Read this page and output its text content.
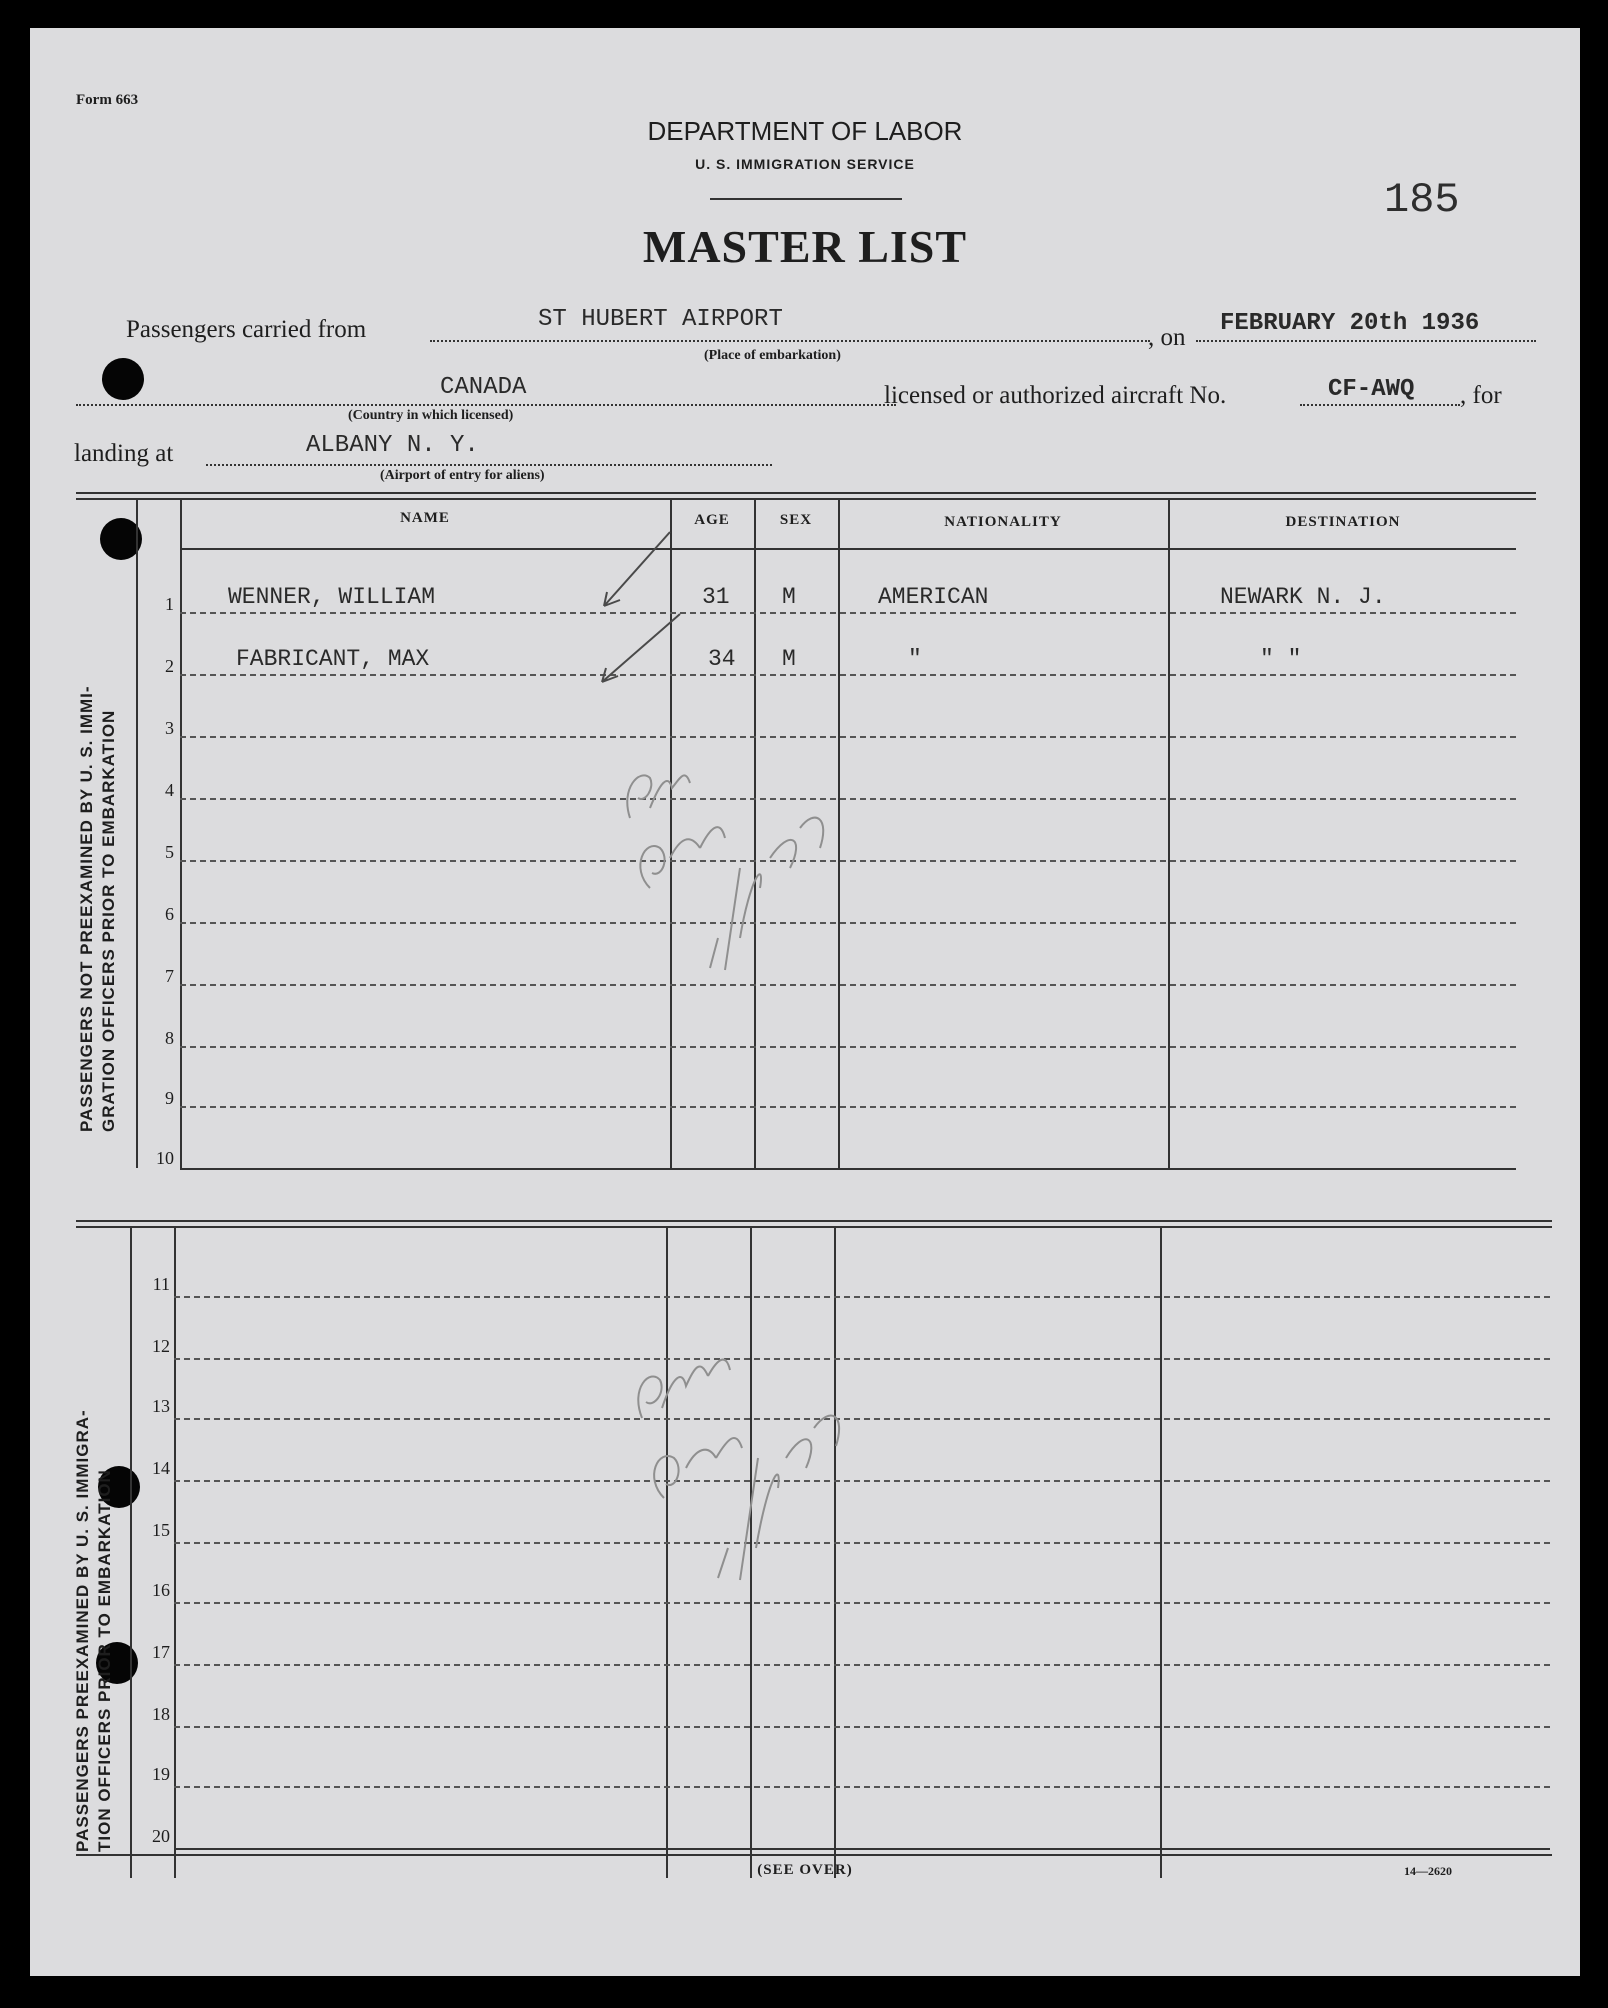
Form 663
DEPARTMENT OF LABOR
U. S. IMMIGRATION SERVICE
185
MASTER LIST
Passengers carried from	ST HUBERT AIRPORT
(Place of embarkation)
, on
FEBRUARY 20th 1936
CANADA
(Country in which licensed)
licensed or authorized aircraft No.	CF-AWQ , for
landing at	ALBANY N. Y.
(Airport of entry for aliens)
NAME	AGE	SEX	NATIONALITY	DESTINATION
PASSENGERS NOT PREEXAMINED BY U. S. IMMI- GRATION OFFICERS PRIOR TO EMBARKATION
1
2
3
4
5
6
7
8
9
10
WENNER, WILLIAM	31 M	AMERICAN	NEWARK N. J.
FABRICANT, MAX	34 M	"	" "
PASSENGERS PREEXAMINED BY U. S. IMMIGRA- TION OFFICERS PRIOR TO EMBARKATION
11
12
13
14
15
16
17
18
19
20
(SEE OVER)	14—2620
